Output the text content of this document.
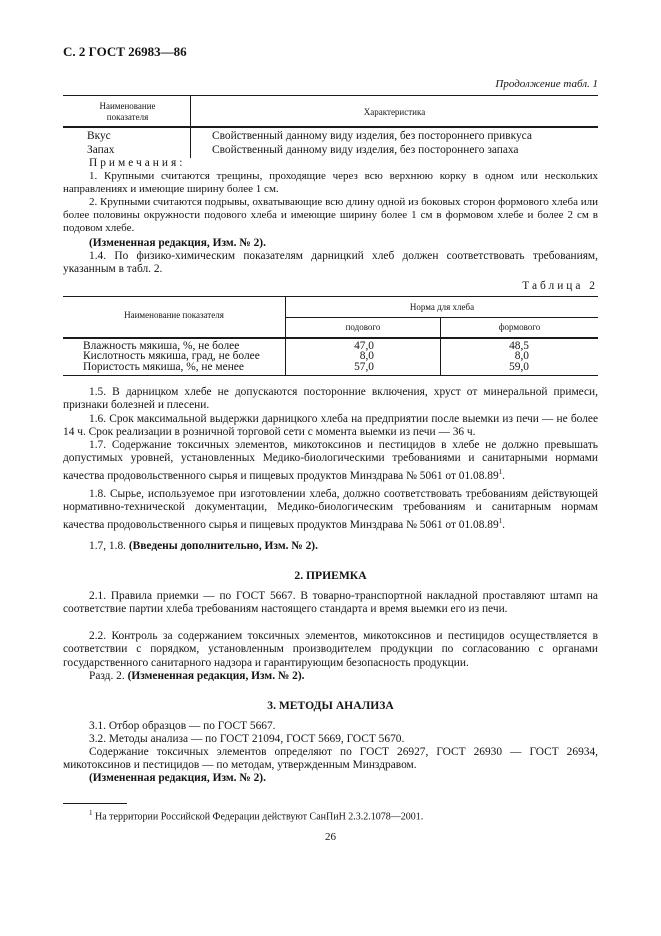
С. 2 ГОСТ 26983—86
Продолжение табл. 1
Наименование показателя	Характеристика
Вкус	Свойственный данному виду изделия, без постороннего привкуса
Запах	Свойственный данному виду изделия, без постороннего запаха
Примечания:
1. Крупными считаются трещины, проходящие через всю верхнюю корку в одном или нескольких направлениях и имеющие ширину более 1 см.
2. Крупными считаются подрывы, охватывающие всю длину одной из боковых сторон формового хлеба или более половины окружности подового хлеба и имеющие ширину более 1 см в формовом хлебе и более 2 см в подовом хлебе.
(Измененная редакция, Изм. № 2).
1.4. По физико-химическим показателям дарницкий хлеб должен соответствовать требованиям, указанным в табл. 2.
Таблица 2
Наименование показателя
Норма для хлеба
подового	формового
Влажность мякиша, %, не более	47,0	48,5
Кислотность мякиша, град, не более	8,0	8,0
Пористость мякиша, %, не менее	57,0	59,0
1.5. В дарницком хлебе не допускаются посторонние включения, хруст от минеральной примеси, признаки болезней и плесени.
1.6. Срок максимальной выдержки дарницкого хлеба на предприятии после выемки из печи — не более 14 ч. Срок реализации в розничной торговой сети с момента выемки из печи — 36 ч.
1.7. Содержание токсичных элементов, микотоксинов и пестицидов в хлебе не должно превышать допустимых уровней, установленных Медико-биологическими требованиями и санитарными нормами качества продовольственного сырья и пищевых продуктов Минздрава № 5061 от 01.08.89$^1$.
1.8. Сырье, используемое при изготовлении хлеба, должно соответствовать требованиям действующей нормативно-технической документации, Медико-биологическим требованиям и санитарным нормам качества продовольственного сырья и пищевых продуктов Минздрава № 5061 от 01.08.89$^1$.
1.7, 1.8. (Введены дополнительно, Изм. № 2).
2. ПРИЕМКА
2.1. Правила приемки — по ГОСТ 5667. В товарно-транспортной накладной проставляют штамп на соответствие партии хлеба требованиям настоящего стандарта и время выемки его из печи.
2.2. Контроль за содержанием токсичных элементов, микотоксинов и пестицидов осуществляется в соответствии с порядком, установленным производителем продукции по согласованию с органами государственного санитарного надзора и гарантирующим безопасность продукции.
Разд. 2. (Измененная редакция, Изм. № 2).
3. МЕТОДЫ АНАЛИЗА
3.1. Отбор образцов — по ГОСТ 5667.
3.2. Методы анализа — по ГОСТ 21094, ГОСТ 5669, ГОСТ 5670.
Содержание токсичных элементов определяют по ГОСТ 26927, ГОСТ 26930 — ГОСТ 26934, микотоксинов и пестицидов — по методам, утвержденным Минздравом.
(Измененная редакция, Изм. № 2).
$^1$ На территории Российской Федерации действуют СанПиН 2.3.2.1078—2001.
26
